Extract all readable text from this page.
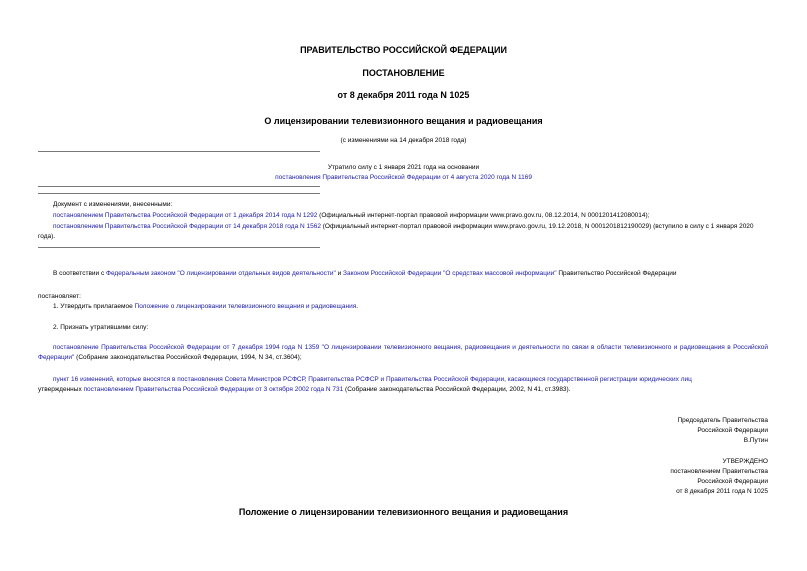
ПРАВИТЕЛЬСТВО РОССИЙСКОЙ ФЕДЕРАЦИИ
ПОСТАНОВЛЕНИЕ
от 8 декабря 2011 года N 1025
О лицензировании телевизионного вещания и радиовещания
(с изменениями на 14 декабря 2018 года)
Утратило силу с 1 января 2021 года на основании
постановления Правительства Российской Федерации от 4 августа 2020 года N 1169
Документ с изменениями, внесенными:
постановлением Правительства Российской Федерации от 1 декабря 2014 года N 1292 (Официальный интернет-портал правовой информации www.pravo.gov.ru, 08.12.2014, N 0001201412080014);
постановлением Правительства Российской Федерации от 14 декабря 2018 года N 1562 (Официальный интернет-портал правовой информации www.pravo.gov.ru, 19.12.2018, N 0001201812190029) (вступило в силу с 1 января 2020 года).
В соответствии с Федеральным законом "О лицензировании отдельных видов деятельности" и Законом Российской Федерации "О средствах массовой информации" Правительство Российской Федерации
постановляет:
1. Утвердить прилагаемое Положение о лицензировании телевизионного вещания и радиовещания.
2. Признать утратившими силу:
постановление Правительства Российской Федерации от 7 декабря 1994 года N 1359 "О лицензировании телевизионного вещания, радиовещания и деятельности по связи в области телевизионного и радиовещания в Российской Федерации" (Собрание законодательства Российской Федерации, 1994, N 34, ст.3604);
пункт 16 изменений, которые вносятся в постановления Совета Министров РСФСР, Правительства РСФСР и Правительства Российской Федерации, касающиеся государственной регистрации юридических лиц
утвержденных постановлением Правительства Российской Федерации от 3 октября 2002 года N 731 (Собрание законодательства Российской Федерации, 2002, N 41, ст.3983).
Председатель Правительства
Российской Федерации
В.Путин
УТВЕРЖДЕНО
постановлением Правительства
Российской Федерации
от 8 декабря 2011 года N 1025
Положение о лицензировании телевизионного вещания и радиовещания
